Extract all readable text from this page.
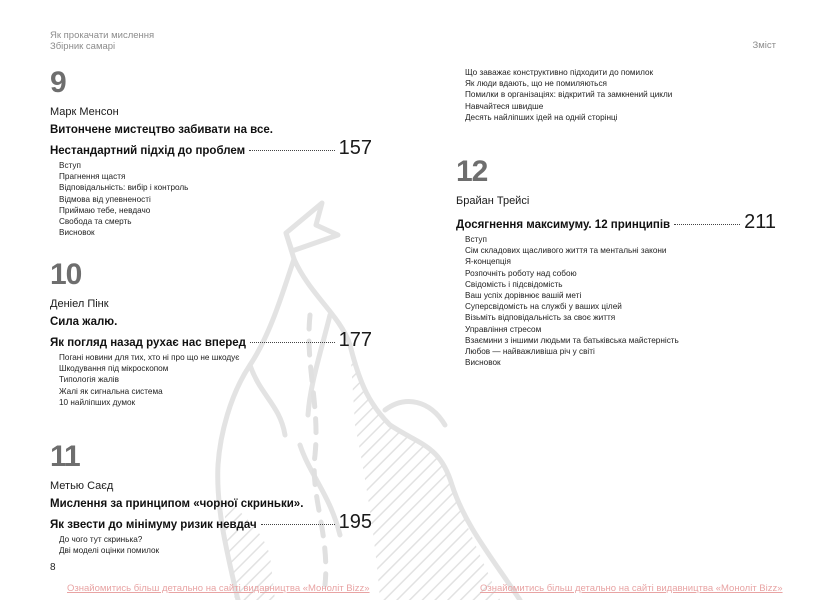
Як прокачати мислення
Збірник самарі	Зміст
9
Марк Менсон
Витончене мистецтво забивати на все.
Нестандартний підхід до проблем	157
Вступ
Прагнення щастя
Відповідальність: вибір і контроль
Відмова від упевненості
Приймаю тебе, невдачо
Свобода та смерть
Висновок
10
Деніел Пінк
Сила жалю.
Як погляд назад рухає нас вперед	177
Погані новини для тих, хто ні про що не шкодує
Шкодування під мікроскопом
Типологія жалів
Жалі як сигнальна система
10 найліпших думок
11
Метью Саєд
Мислення за принципом «чорної скриньки».
Як звести до мінімуму ризик невдач	195
До чого тут скринька?
Дві моделі оцінки помилок
Що заважає конструктивно підходити до помилок
Як люди вдають, що не помиляються
Помилки в організаціях: відкритий та замкнений цикли
Навчайтеся швидше
Десять найліпших ідей на одній сторінці
12
Брайан Трейсі
Досягнення максимуму. 12 принципів	211
Вступ
Сім складових щасливого життя та ментальні закони
Я-концепція
Розпочніть роботу над собою
Свідомість і підсвідомість
Ваш успіх дорівнює вашій меті
Суперсвідомість на службі у ваших цілей
Візьміть відповідальність за своє життя
Управління стресом
Взаємини з іншими людьми та батьківська майстерність
Любов — найважливіша річ у світі
Висновок
8
Ознайомитись більш детально на сайті видавництва «Моноліт Bizz»	Ознайомитись більш детально на сайті видавництва «Моноліт Bizz»
